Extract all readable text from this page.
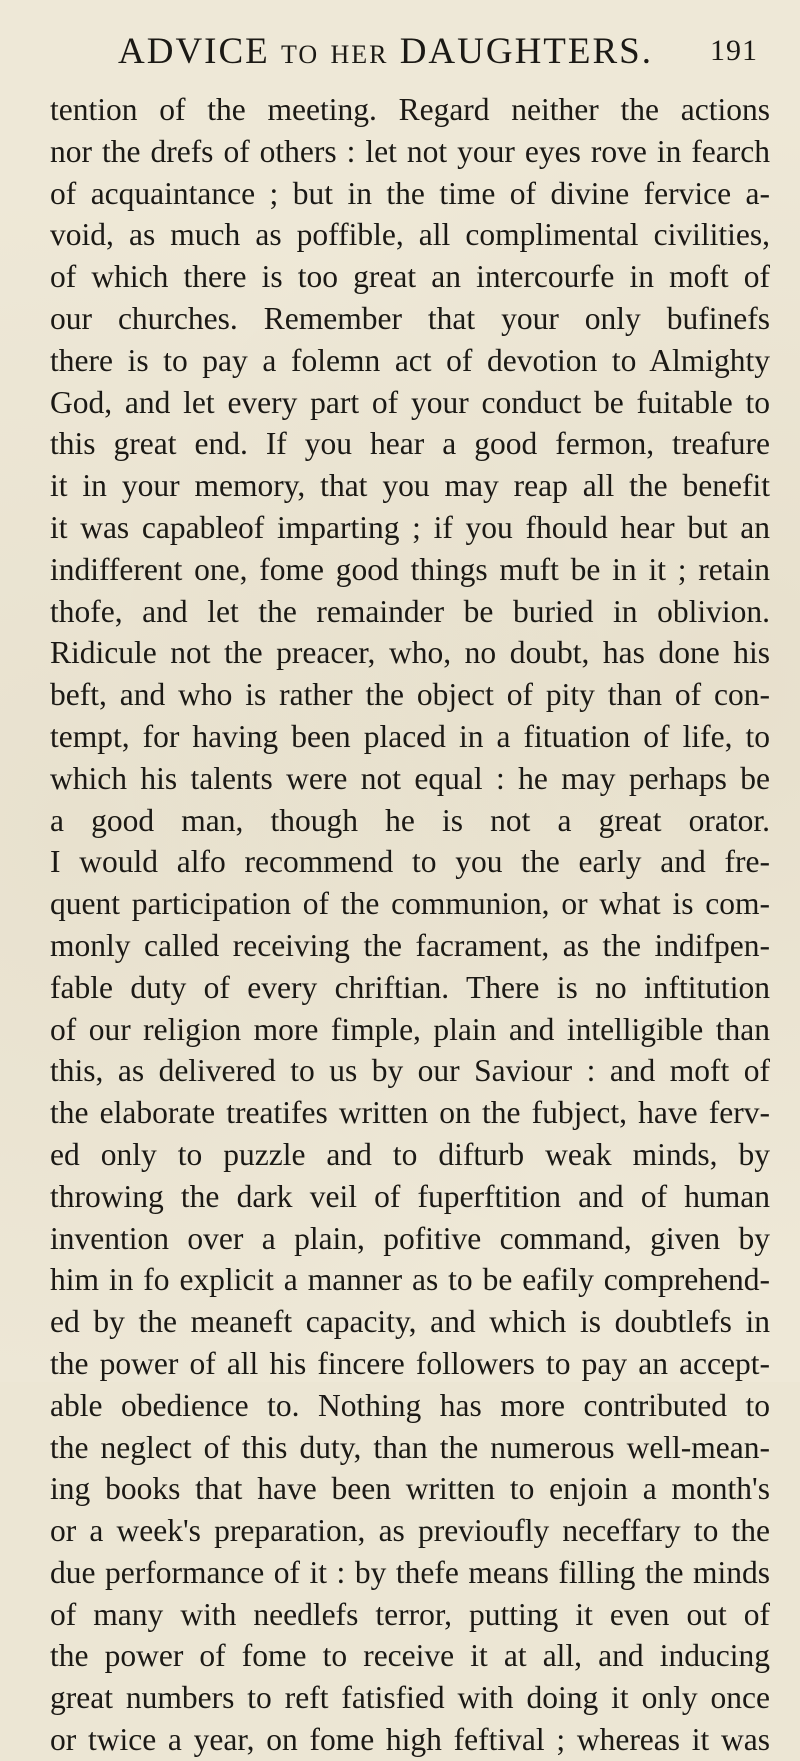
ADVICE to her DAUGHTERS. 191
tention of the meeting. Regard neither the actions
nor the drefs of others : let not your eyes rove in fearch
of acquaintance ; but in the time of divine fervice a-
void, as much as poffible, all complimental civilities,
of which there is too great an intercourfe in moft of
our churches. Remember that your only bufinefs
there is to pay a folemn act of devotion to Almighty
God, and let every part of your conduct be fuitable to
this great end. If you hear a good fermon, treafure
it in your memory, that you may reap all the benefit
it was capableof imparting ; if you fhould hear but an
indifferent one, fome good things muft be in it ; retain
thofe, and let the remainder be buried in oblivion.
Ridicule not the preacer, who, no doubt, has done his
beft, and who is rather the object of pity than of con-
tempt, for having been placed in a fituation of life, to
which his talents were not equal : he may perhaps be
a good man, though he is not a great orator.
I would alfo recommend to you the early and fre-
quent participation of the communion, or what is com-
monly called receiving the facrament, as the indifpen-
fable duty of every chriftian. There is no inftitution
of our religion more fimple, plain and intelligible than
this, as delivered to us by our Saviour : and moft of
the elaborate treatifes written on the fubject, have ferv-
ed only to puzzle and to difturb weak minds, by
throwing the dark veil of fuperftition and of human
invention over a plain, pofitive command, given by
him in fo explicit a manner as to be eafily comprehend-
ed by the meaneft capacity, and which is doubtlefs in
the power of all his fincere followers to pay an accept-
able obedience to. Nothing has more contributed to
the neglect of this duty, than the numerous well-mean-
ing books that have been written to enjoin a month's
or a week's preparation, as previoufly neceffary to the
due performance of it : by thefe means filling the minds
of many with needlefs terror, putting it even out of
the power of fome to receive it at all, and inducing
great numbers to reft fatisfied with doing it only once
or twice a year, on fome high feftival ; whereas it was
